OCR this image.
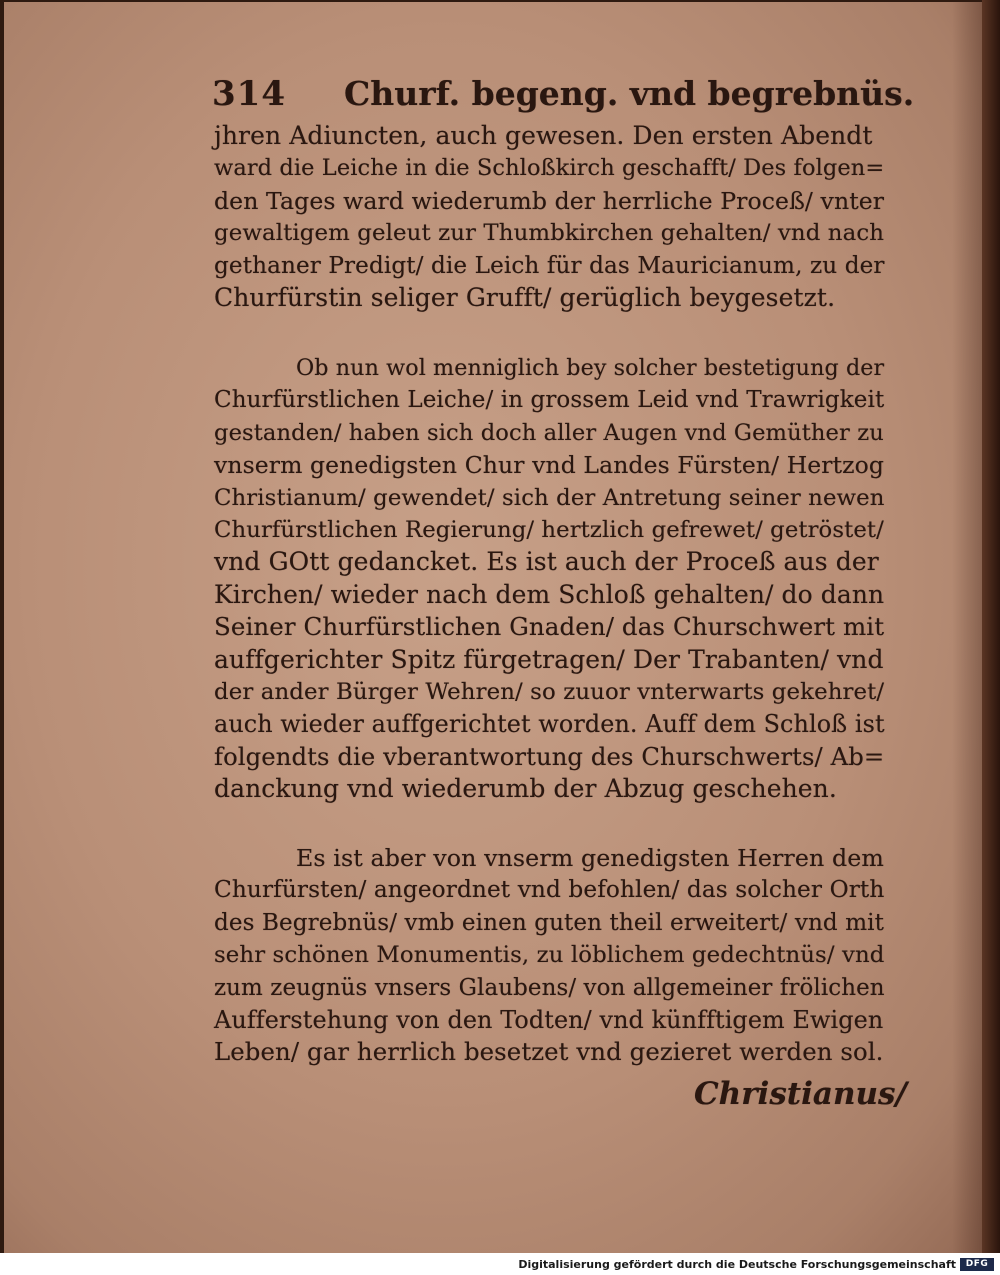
314 Churf. begeng. vnd begrebnüs.
jhren Adiuncten, auch gewesen. Den ersten Abendt
ward die Leiche in die Schloßkirch geschafft/ Des folgen=
den Tages ward wiederumb der herrliche Proceß/ vnter
gewaltigem geleut zur Thumbkirchen gehalten/ vnd nach
gethaner Predigt/ die Leich für das Mauricianum, zu der
Churfürstin seliger Grufft/ gerüglich beygesetzt.
Ob nun wol menniglich bey solcher bestetigung der
Churfürstlichen Leiche/ in grossem Leid vnd Trawrigkeit
gestanden/ haben sich doch aller Augen vnd Gemüther zu
vnserm genedigsten Chur vnd Landes Fürsten/ Hertzog
Christianum/ gewendet/ sich der Antretung seiner newen
Churfürstlichen Regierung/ hertzlich gefrewet/ getröstet/
vnd GOtt gedancket. Es ist auch der Proceß aus der
Kirchen/ wieder nach dem Schloß gehalten/ do dann
Seiner Churfürstlichen Gnaden/ das Churschwert mit
auffgerichter Spitz fürgetragen/ Der Trabanten/ vnd
der ander Bürger Wehren/ so zuuor vnterwarts gekehret/
auch wieder auffgerichtet worden. Auff dem Schloß ist
folgendts die vberantwortung des Churschwerts/ Ab=
danckung vnd wiederumb der Abzug geschehen.
Es ist aber von vnserm genedigsten Herren dem
Churfürsten/ angeordnet vnd befohlen/ das solcher Orth
des Begrebnüs/ vmb einen guten theil erweitert/ vnd mit
sehr schönen Monumentis, zu löblichem gedechtnüs/ vnd
zum zeugnüs vnsers Glaubens/ von allgemeiner frölichen
Aufferstehung von den Todten/ vnd künfftigem Ewigen
Leben/ gar herrlich besetzet vnd gezieret werden sol.
Christianus/
Digitalisierung gefördert durch die Deutsche Forschungsgemeinschaft	DFG
